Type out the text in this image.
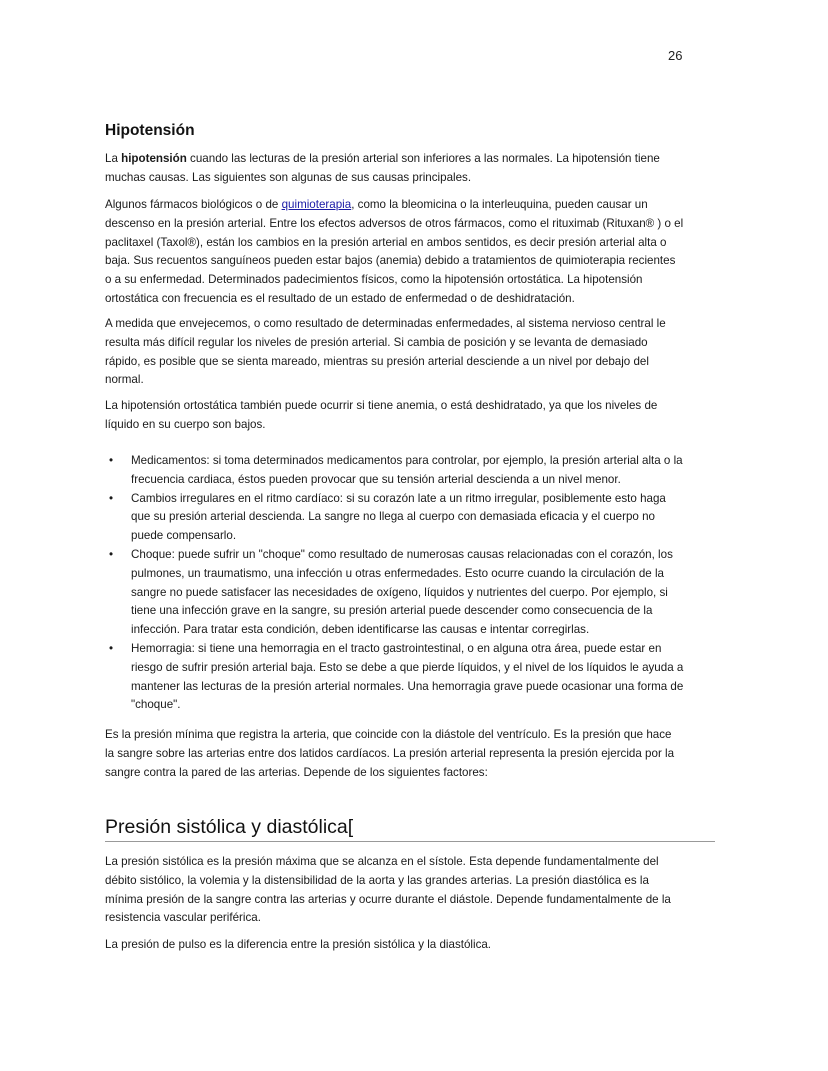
26
Hipotensión
La hipotensión cuando las lecturas de la presión arterial son inferiores a las normales. La hipotensión tiene
muchas causas. Las siguientes son algunas de sus causas principales.
Algunos fármacos biológicos o de quimioterapia, como la bleomicina o la interleuquina, pueden causar un
descenso en la presión arterial. Entre los efectos adversos de otros fármacos, como el rituximab (Rituxan® ) o el
paclitaxel (Taxol®), están los cambios en la presión arterial en ambos sentidos, es decir presión arterial alta o
baja. Sus recuentos sanguíneos pueden estar bajos (anemia) debido a tratamientos de quimioterapia recientes
o a su enfermedad. Determinados padecimientos físicos, como la hipotensión ortostática. La hipotensión
ortostática con frecuencia es el resultado de un estado de enfermedad o de deshidratación.
A medida que envejecemos, o como resultado de determinadas enfermedades, al sistema nervioso central le
resulta más difícil regular los niveles de presión arterial. Si cambia de posición y se levanta de demasiado
rápido, es posible que se sienta mareado, mientras su presión arterial desciende a un nivel por debajo del
normal.
La hipotensión ortostática también puede ocurrir si tiene anemia, o está deshidratado, ya que los niveles de
líquido en su cuerpo son bajos.
• Medicamentos: si toma determinados medicamentos para controlar, por ejemplo, la presión arterial alta o la
frecuencia cardiaca, éstos pueden provocar que su tensión arterial descienda a un nivel menor.
• Cambios irregulares en el ritmo cardíaco: si su corazón late a un ritmo irregular, posiblemente esto haga
que su presión arterial descienda. La sangre no llega al cuerpo con demasiada eficacia y el cuerpo no
puede compensarlo.
• Choque: puede sufrir un "choque" como resultado de numerosas causas relacionadas con el corazón, los
pulmones, un traumatismo, una infección u otras enfermedades. Esto ocurre cuando la circulación de la
sangre no puede satisfacer las necesidades de oxígeno, líquidos y nutrientes del cuerpo. Por ejemplo, si
tiene una infección grave en la sangre, su presión arterial puede descender como consecuencia de la
infección. Para tratar esta condición, deben identificarse las causas e intentar corregirlas.
• Hemorragia: si tiene una hemorragia en el tracto gastrointestinal, o en alguna otra área, puede estar en
riesgo de sufrir presión arterial baja. Esto se debe a que pierde líquidos, y el nivel de los líquidos le ayuda a
mantener las lecturas de la presión arterial normales. Una hemorragia grave puede ocasionar una forma de
"choque".
Es la presión mínima que registra la arteria, que coincide con la diástole del ventrículo. Es la presión que hace
la sangre sobre las arterias entre dos latidos cardíacos. La presión arterial representa la presión ejercida por la
sangre contra la pared de las arterias. Depende de los siguientes factores:
Presión sistólica y diastólica[
La presión sistólica es la presión máxima que se alcanza en el sístole. Esta depende fundamentalmente del
débito sistólico, la volemia y la distensibilidad de la aorta y las grandes arterias. La presión diastólica es la
mínima presión de la sangre contra las arterias y ocurre durante el diástole. Depende fundamentalmente de la
resistencia vascular periférica.
La presión de pulso es la diferencia entre la presión sistólica y la diastólica.
